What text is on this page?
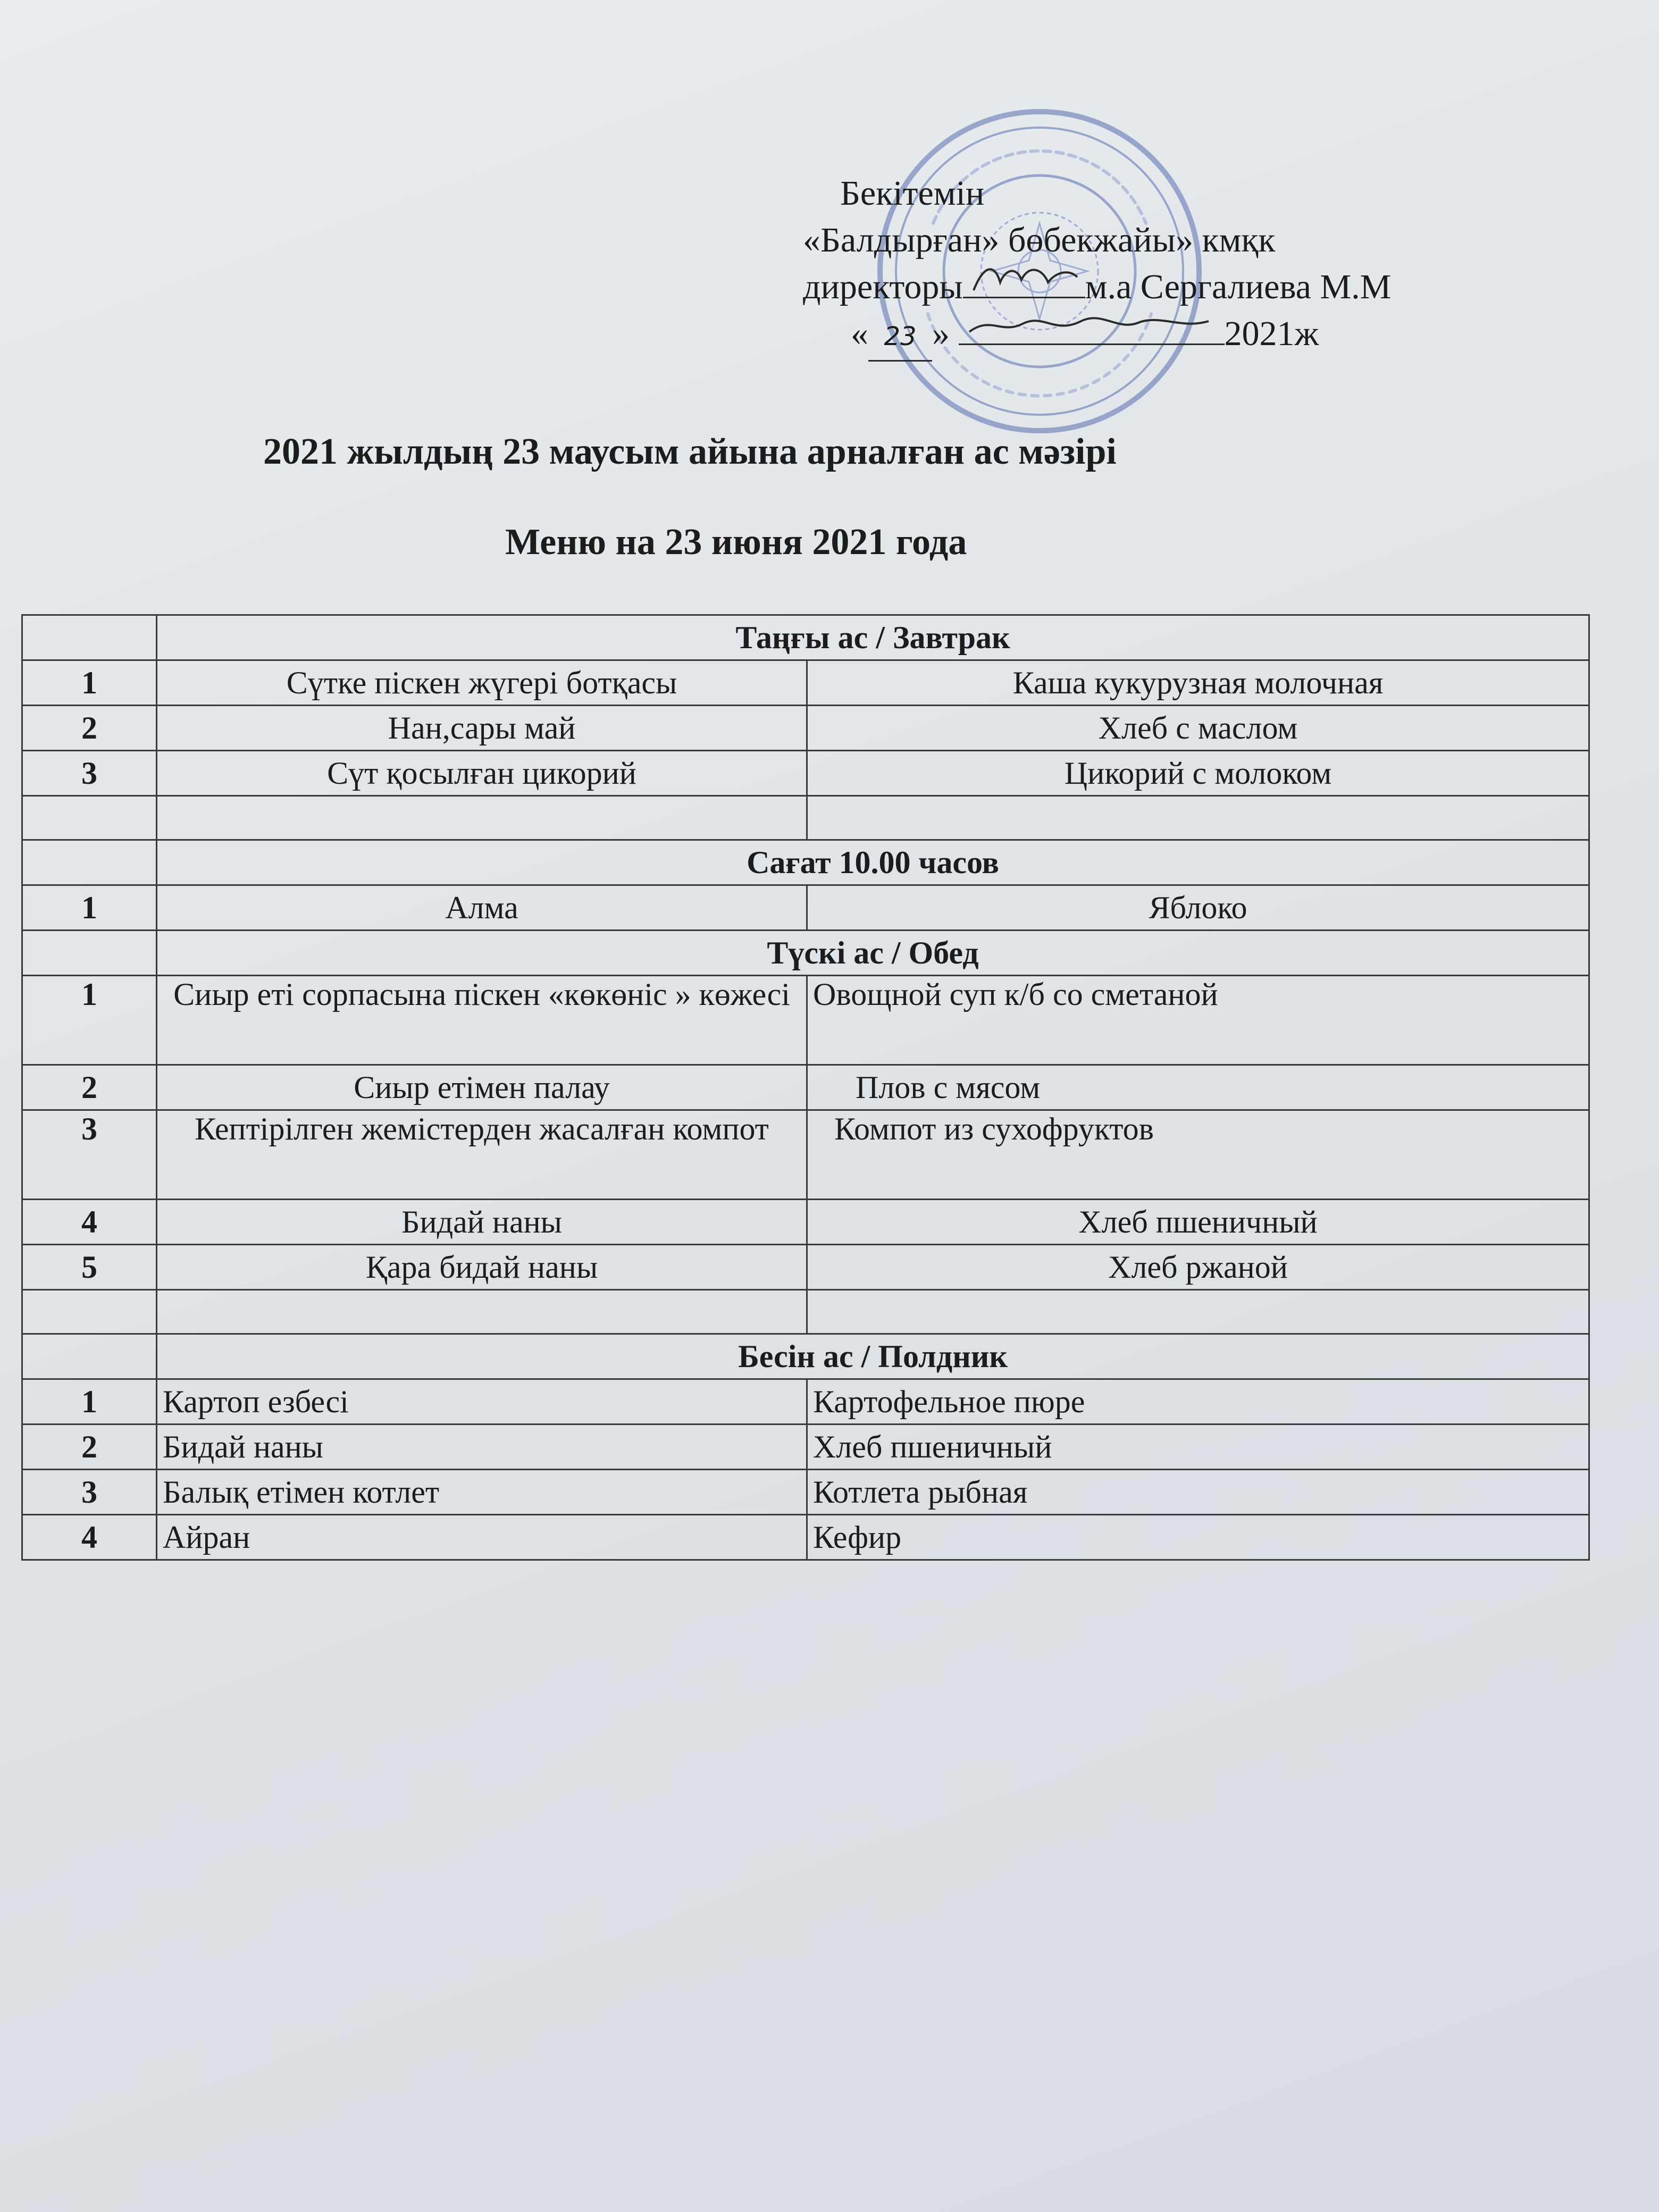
Бекітемін
«Балдырған» бөбекжайы» кмқк
директоры	м.а Сергалиева М.М
« 23 »	2021ж
2021 жылдың 23 маусым айына арналған ас мәзірі
Меню на 23 июня 2021 года
	Таңғы ас / Завтрак	
1	Сүтке піскен жүгері ботқасы	Каша кукурузная молочная
2	Нан,сары май	Хлеб с маслом
3	Сүт қосылған цикорий	Цикорий с молоком

	Сағат 10.00 часов	
1	Алма	Яблоко
	Түскі ас / Обед	
1	Сиыр еті сорпасына піскен «көкөніс » көжесі	Овощной суп к/б со сметаной
2	Сиыр етімен палау	Плов с мясом
3	Кептірілген жемістерден жасалған компот	Компот из сухофруктов
4	Бидай наны	Хлеб пшеничный
5	Қара бидай наны	Хлеб ржаной

	Бесін ас / Полдник	
1	Картоп езбесі	Картофельное пюре
2	Бидай наны	Хлеб пшеничный
3	Балық етімен котлет	Котлета рыбная
4	Айран	Кефир
